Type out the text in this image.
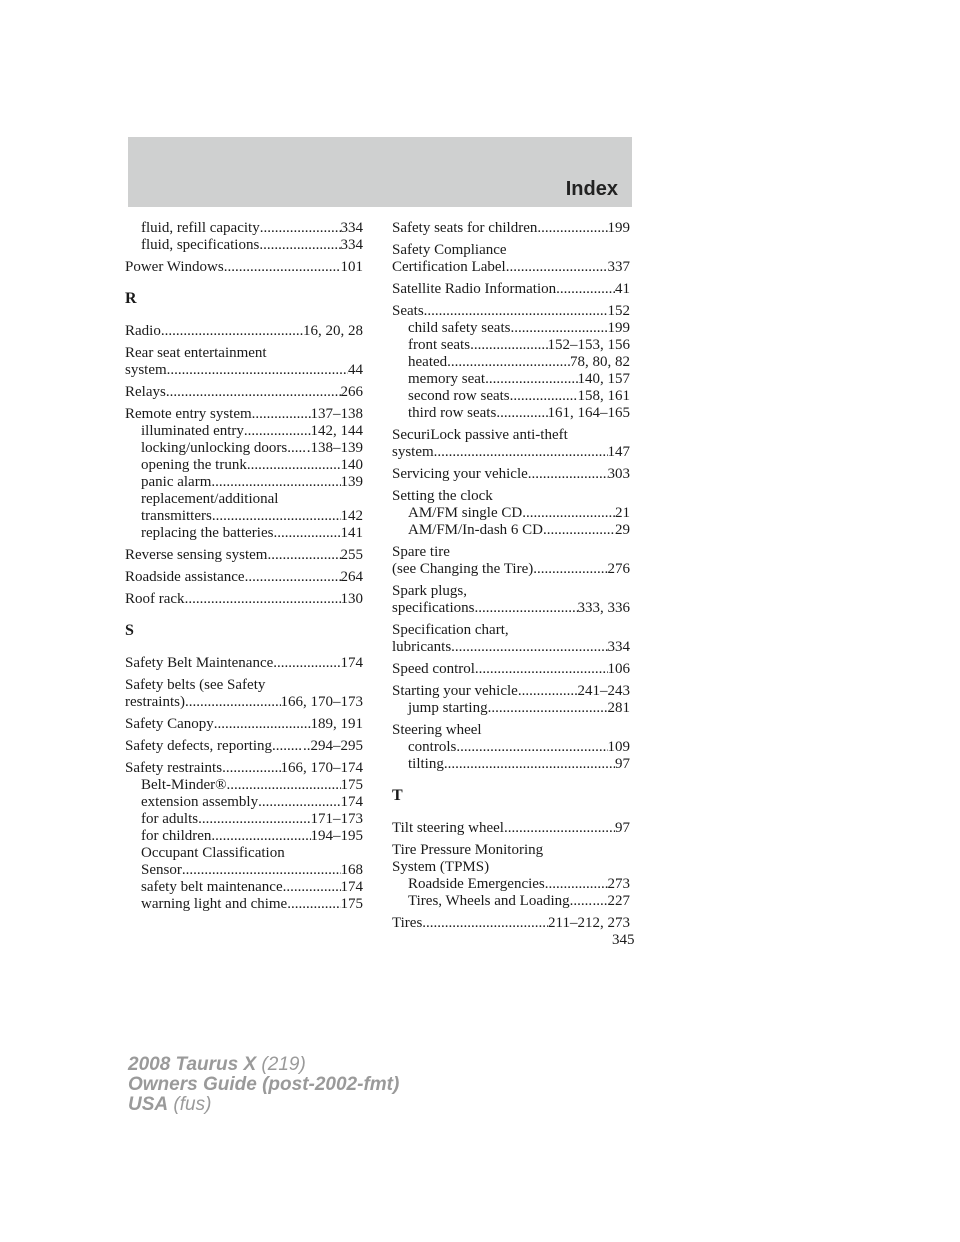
Index
fluid, refill capacity .....	334
fluid, specifications .....	334
Power Windows .....	101
R
Radio .....	16, 20, 28
Rear seat entertainment
system .....	44
Relays .....	266
Remote entry system .....	137–138
illuminated entry .....	142, 144
locking/unlocking doors ..... .138–139
opening the trunk .....	140
panic alarm .....	139
replacement/additional
transmitters .....	142
replacing the batteries .....	141
Reverse sensing system .....	255
Roadside assistance .....	264
Roof rack .....	130
S
Safety Belt Maintenance .....	174
Safety belts (see Safety
restraints) .....	166, 170–173
Safety Canopy .....	189, 191
Safety defects, reporting ..... ..294–295
Safety restraints .....	166, 170–174
Belt-Minder® .....	175
extension assembly .....	174
for adults .....	171–173
for children .....	194–195
Occupant Classification
Sensor .....	168
safety belt maintenance .....	174
warning light and chime .....	175
Safety seats for children .....	199
Safety Compliance
Certification Label .....	337
Satellite Radio Information .....	41
Seats .....	152
child safety seats .....	199
front seats .....	152–153, 156
heated .....	78, 80, 82
memory seat .....	140, 157
second row seats .....	158, 161
third row seats .....	161, 164–165
SecuriLock passive anti-theft
system .....	147
Servicing your vehicle .....	303
Setting the clock
AM/FM single CD .....	21
AM/FM/In-dash 6 CD .....	29
Spare tire
(see Changing the Tire) .....	276
Spark plugs,
specifications .....	333, 336
Specification chart,
lubricants .....	334
Speed control .....	106
Starting your vehicle .....	241–243
jump starting .....	281
Steering wheel
controls .....	109
tilting .....	97
T
Tilt steering wheel .....	97
Tire Pressure Monitoring
System (TPMS)
Roadside Emergencies .....	273
Tires, Wheels and Loading ..... ....227
Tires .....	211–212, 273
345
2008 Taurus X (219)
Owners Guide (post-2002-fmt)
USA (fus)
